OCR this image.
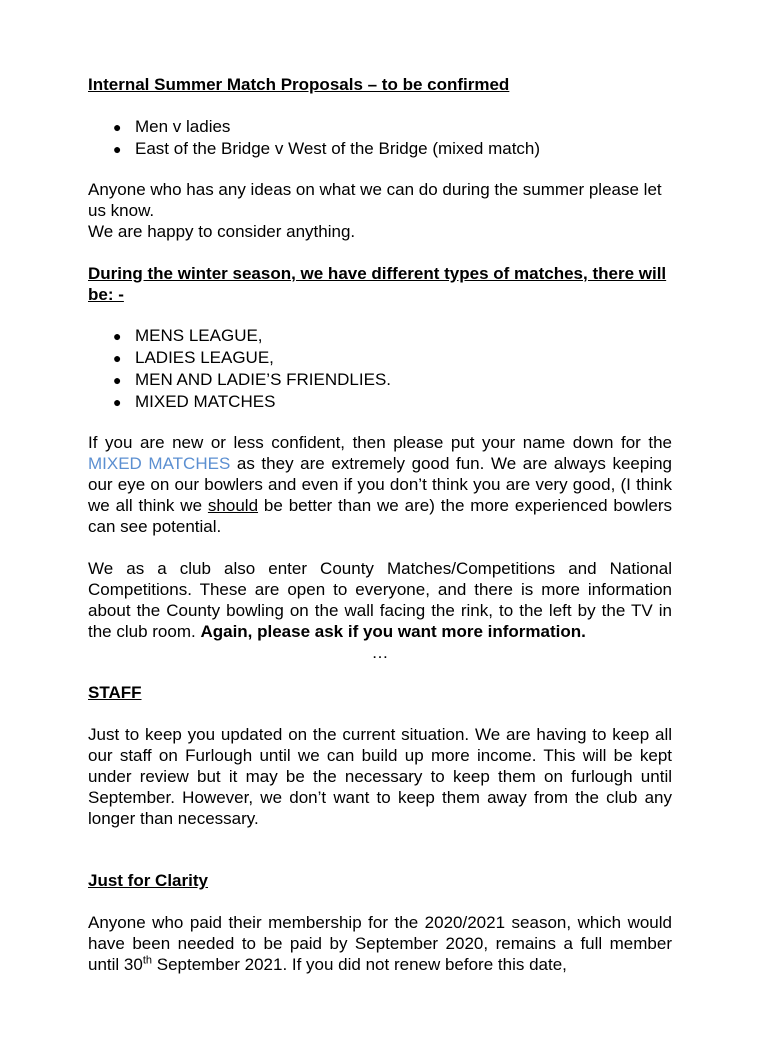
Internal Summer Match Proposals – to be confirmed

● Men v ladies
● East of the Bridge v West of the Bridge (mixed match)

Anyone who has any ideas on what we can do during the summer please let us know.

We are happy to consider anything.

During the winter season, we have different types of matches, there will be: -

● MENS LEAGUE,
● LADIES LEAGUE,
● MEN AND LADIE’S FRIENDLIES.
● MIXED MATCHES

If you are new or less confident, then please put your name down for the MIXED MATCHES as they are extremely good fun. We are always keeping our eye on our bowlers and even if you don’t think you are very good, (I think we all think we should be better than we are) the more experienced bowlers can see potential.

We as a club also enter County Matches/Competitions and National Competitions. These are open to everyone, and there is more information about the County bowling on the wall facing the rink, to the left by the TV in the club room. Again, please ask if you want more information.

…

STAFF

Just to keep you updated on the current situation. We are having to keep all our staff on Furlough until we can build up more income. This will be kept under review but it may be the necessary to keep them on furlough until September. However, we don’t want to keep them away from the club any longer than necessary.

Just for Clarity

Anyone who paid their membership for the 2020/2021 season, which would have been needed to be paid by September 2020, remains a full member until 30th September 2021. If you did not renew before this date,
